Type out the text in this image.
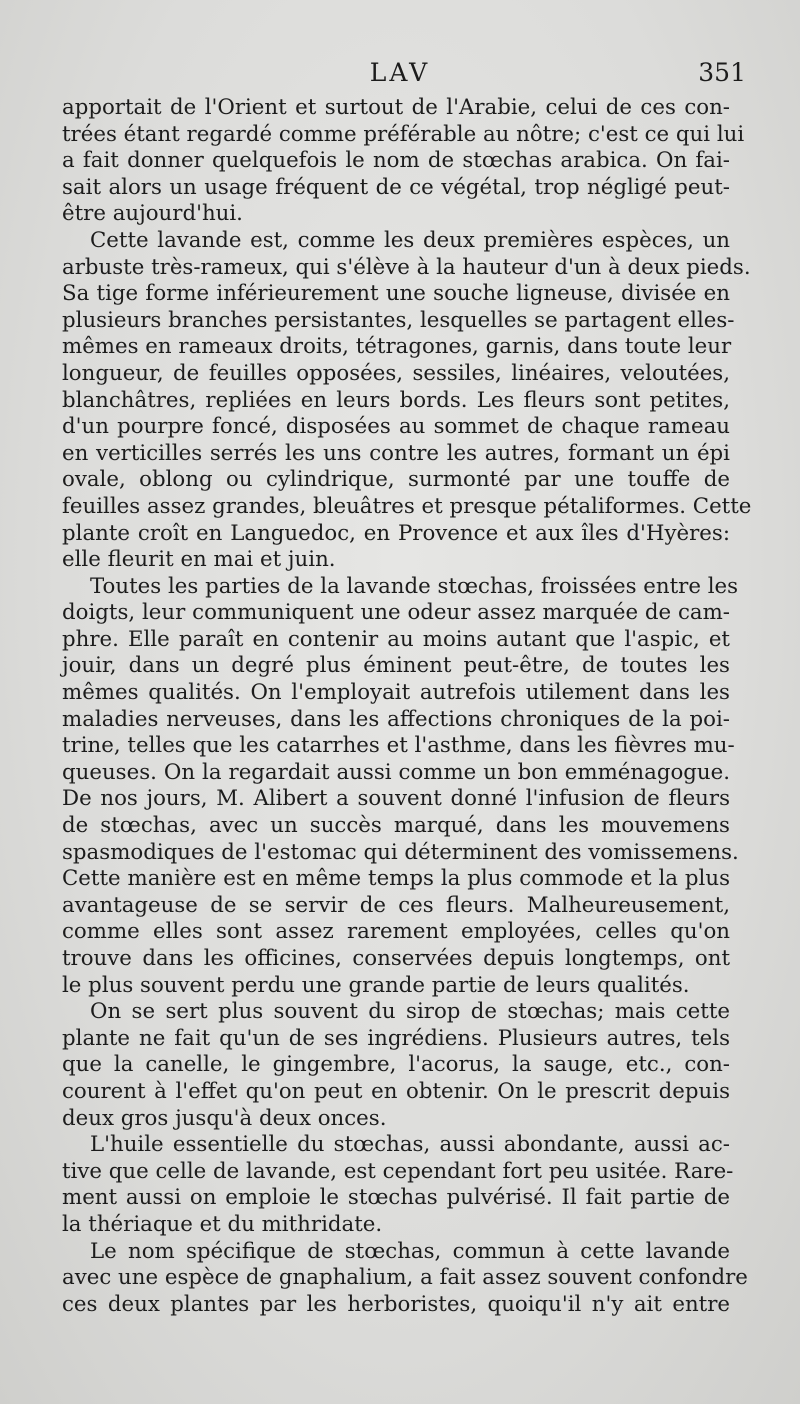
LAV	351
apportait de l'Orient et surtout de l'Arabie, celui de ces con-
trées étant regardé comme préférable au nôtre; c'est ce qui lui
a fait donner quelquefois le nom de stœchas arabica. On fai-
sait alors un usage fréquent de ce végétal, trop négligé peut-
être aujourd'hui.
Cette lavande est, comme les deux premières espèces, un
arbuste très-rameux, qui s'élève à la hauteur d'un à deux pieds.
Sa tige forme inférieurement une souche ligneuse, divisée en
plusieurs branches persistantes, lesquelles se partagent elles-
mêmes en rameaux droits, tétragones, garnis, dans toute leur
longueur, de feuilles opposées, sessiles, linéaires, veloutées,
blanchâtres, repliées en leurs bords. Les fleurs sont petites,
d'un pourpre foncé, disposées au sommet de chaque rameau
en verticilles serrés les uns contre les autres, formant un épi
ovale, oblong ou cylindrique, surmonté par une touffe de
feuilles assez grandes, bleuâtres et presque pétaliformes. Cette
plante croît en Languedoc, en Provence et aux îles d'Hyères:
elle fleurit en mai et juin.
Toutes les parties de la lavande stœchas, froissées entre les
doigts, leur communiquent une odeur assez marquée de cam-
phre. Elle paraît en contenir au moins autant que l'aspic, et
jouir, dans un degré plus éminent peut-être, de toutes les
mêmes qualités. On l'employait autrefois utilement dans les
maladies nerveuses, dans les affections chroniques de la poi-
trine, telles que les catarrhes et l'asthme, dans les fièvres mu-
queuses. On la regardait aussi comme un bon emménagogue.
De nos jours, M. Alibert a souvent donné l'infusion de fleurs
de stœchas, avec un succès marqué, dans les mouvemens
spasmodiques de l'estomac qui déterminent des vomissemens.
Cette manière est en même temps la plus commode et la plus
avantageuse de se servir de ces fleurs. Malheureusement,
comme elles sont assez rarement employées, celles qu'on
trouve dans les officines, conservées depuis longtemps, ont
le plus souvent perdu une grande partie de leurs qualités.
On se sert plus souvent du sirop de stœchas; mais cette
plante ne fait qu'un de ses ingrédiens. Plusieurs autres, tels
que la canelle, le gingembre, l'acorus, la sauge, etc., con-
courent à l'effet qu'on peut en obtenir. On le prescrit depuis
deux gros jusqu'à deux onces.
L'huile essentielle du stœchas, aussi abondante, aussi ac-
tive que celle de lavande, est cependant fort peu usitée. Rare-
ment aussi on emploie le stœchas pulvérisé. Il fait partie de
la thériaque et du mithridate.
Le nom spécifique de stœchas, commun à cette lavande
avec une espèce de gnaphalium, a fait assez souvent confondre
ces deux plantes par les herboristes, quoiqu'il n'y ait entre
